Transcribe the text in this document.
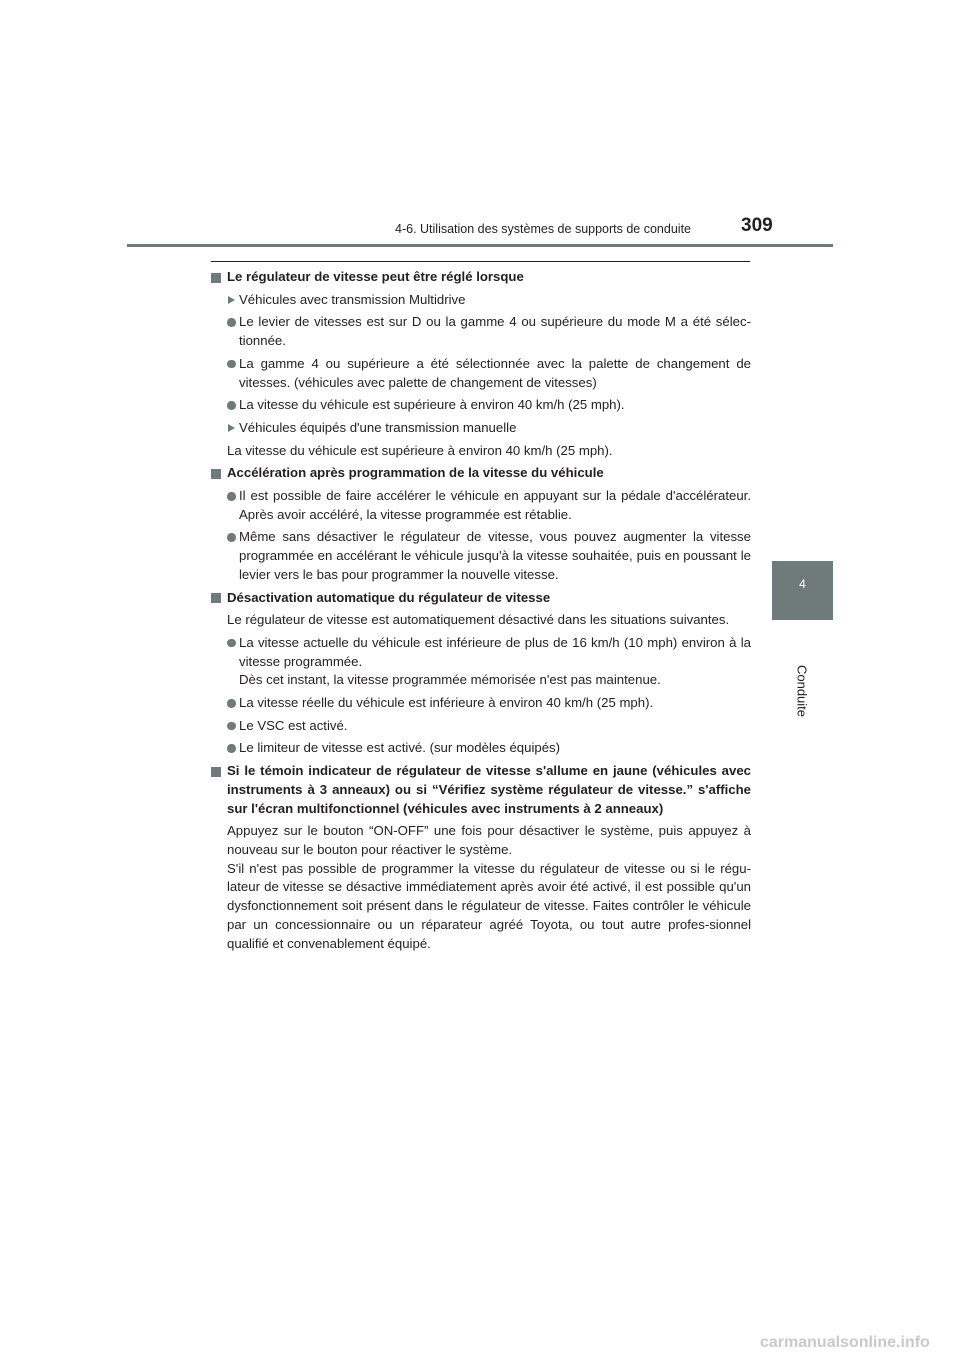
4-6. Utilisation des systèmes de supports de conduite	309
4
Conduite
Le régulateur de vitesse peut être réglé lorsque
Véhicules avec transmission Multidrive
Le levier de vitesses est sur D ou la gamme 4 ou supérieure du mode M a été sélec-tionnée.
La gamme 4 ou supérieure a été sélectionnée avec la palette de changement de vitesses. (véhicules avec palette de changement de vitesses)
La vitesse du véhicule est supérieure à environ 40 km/h (25 mph).
Véhicules équipés d'une transmission manuelle
La vitesse du véhicule est supérieure à environ 40 km/h (25 mph).
Accélération après programmation de la vitesse du véhicule
Il est possible de faire accélérer le véhicule en appuyant sur la pédale d'accélérateur. Après avoir accéléré, la vitesse programmée est rétablie.
Même sans désactiver le régulateur de vitesse, vous pouvez augmenter la vitesse programmée en accélérant le véhicule jusqu'à la vitesse souhaitée, puis en poussant le levier vers le bas pour programmer la nouvelle vitesse.
Désactivation automatique du régulateur de vitesse
Le régulateur de vitesse est automatiquement désactivé dans les situations suivantes.
La vitesse actuelle du véhicule est inférieure de plus de 16 km/h (10 mph) environ à la vitesse programmée.
Dès cet instant, la vitesse programmée mémorisée n'est pas maintenue.
La vitesse réelle du véhicule est inférieure à environ 40 km/h (25 mph).
Le VSC est activé.
Le limiteur de vitesse est activé. (sur modèles équipés)
Si le témoin indicateur de régulateur de vitesse s'allume en jaune (véhicules avec instruments à 3 anneaux) ou si “Vérifiez système régulateur de vitesse.” s'affiche sur l'écran multifonctionnel (véhicules avec instruments à 2 anneaux)
Appuyez sur le bouton “ON-OFF” une fois pour désactiver le système, puis appuyez à nouveau sur le bouton pour réactiver le système.
S'il n'est pas possible de programmer la vitesse du régulateur de vitesse ou si le régu-lateur de vitesse se désactive immédiatement après avoir été activé, il est possible qu'un dysfonctionnement soit présent dans le régulateur de vitesse. Faites contrôler le véhicule par un concessionnaire ou un réparateur agréé Toyota, ou tout autre profes-sionnel qualifié et convenablement équipé.
carmanualsonline.info
